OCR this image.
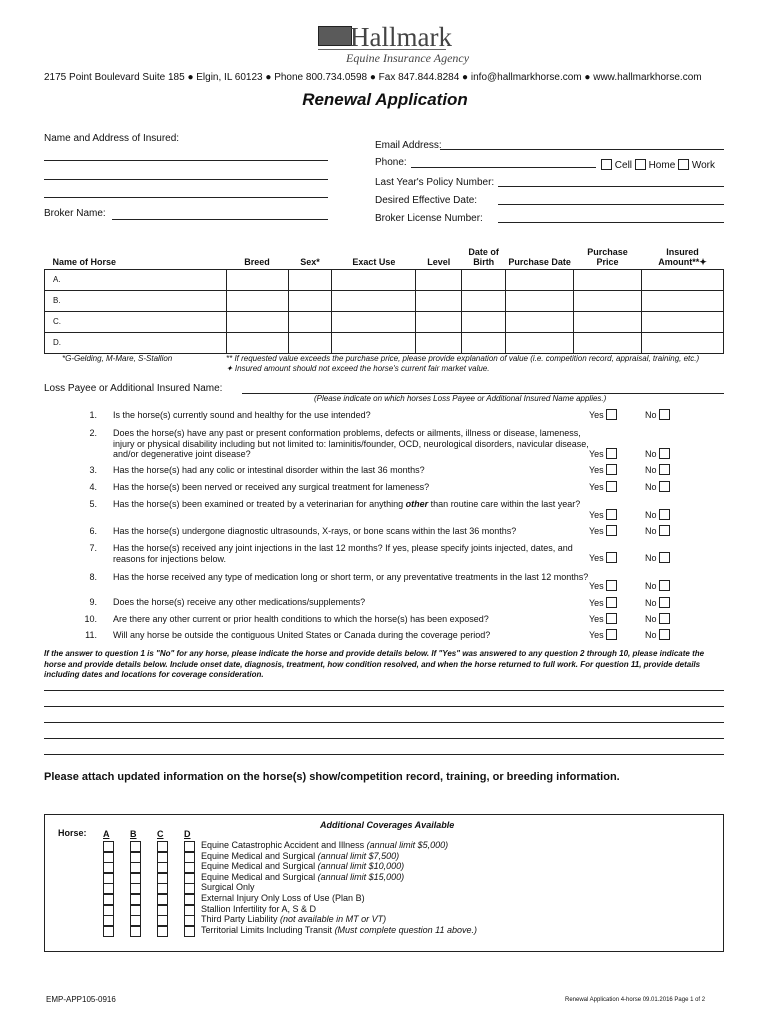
Hallmark
Equine Insurance Agency
2175 Point Boulevard Suite 185 ● Elgin, IL 60123 ● Phone 800.734.0598 ● Fax 847.844.8284 ● info@hallmarkhorse.com ● www.hallmarkhorse.com
Renewal Application
Name and Address of Insured:
Broker Name:
Email Address:
Phone:	Cell Home Work
Last Year's Policy Number:
Desired Effective Date:
Broker License Number:
Name of Horse	Breed	Sex*	Exact Use	Level	Date of Birth	Purchase Date	Purchase Price	Insured Amount**✦
A.								
B.								
C.								
D.								
*G-Gelding, M-Mare, S-Stallion	** If requested value exceeds the purchase price, please provide explanation of value (i.e. competition record, appraisal, training, etc.)
✦ Insured amount should not exceed the horse's current fair market value.
Loss Payee or Additional Insured Name:
(Please indicate on which horses Loss Payee or Additional Insured Name applies.)
1. Is the horse(s) currently sound and healthy for the use intended?	Yes	No
2. Does the horse(s) have any past or present conformation problems, defects or ailments, illness or disease, lameness, injury or physical disability including but not limited to: laminitis/founder, OCD, neurological disorders, navicular disease, and/or degenerative joint disease?	Yes	No
3. Has the horse(s) had any colic or intestinal disorder within the last 36 months?	Yes	No
4. Has the horse(s) been nerved or received any surgical treatment for lameness?	Yes	No
5. Has the horse(s) been examined or treated by a veterinarian for anything other than routine care within the last year?
Yes	No
6. Has the horse(s) undergone diagnostic ultrasounds, X-rays, or bone scans within the last 36 months?	Yes	No
7. Has the horse(s) received any joint injections in the last 12 months? If yes, please specify joints injected, dates, and reasons for injections below.	Yes	No
8. Has the horse received any type of medication long or short term, or any preventative treatments in the last 12 months?
Yes	No
9. Does the horse(s) receive any other medications/supplements?	Yes	No
10. Are there any other current or prior health conditions to which the horse(s) has been exposed?	Yes	No
11. Will any horse be outside the contiguous United States or Canada during the coverage period?	Yes	No
If the answer to question 1 is "No" for any horse, please indicate the horse and provide details below. If "Yes" was answered to any question 2 through 10, please indicate the horse and provide details below. Include onset date, diagnosis, treatment, how condition resolved, and when the horse returned to full work. For question 11, provide details including dates and locations for coverage consideration.
Please attach updated information on the horse(s) show/competition record, training, or breeding information.
Additional Coverages Available
Horse: A B C D
Equine Catastrophic Accident and Illness (annual limit $5,000)
Equine Medical and Surgical (annual limit $7,500)
Equine Medical and Surgical (annual limit $10,000)
Equine Medical and Surgical (annual limit $15,000)
Surgical Only
External Injury Only Loss of Use (Plan B)
Stallion Infertility for A, S & D
Third Party Liability (not available in MT or VT)
Territorial Limits Including Transit (Must complete question 11 above.)
EMP-APP105-0916	Renewal Application 4-horse 09.01.2016 Page 1 of 2
